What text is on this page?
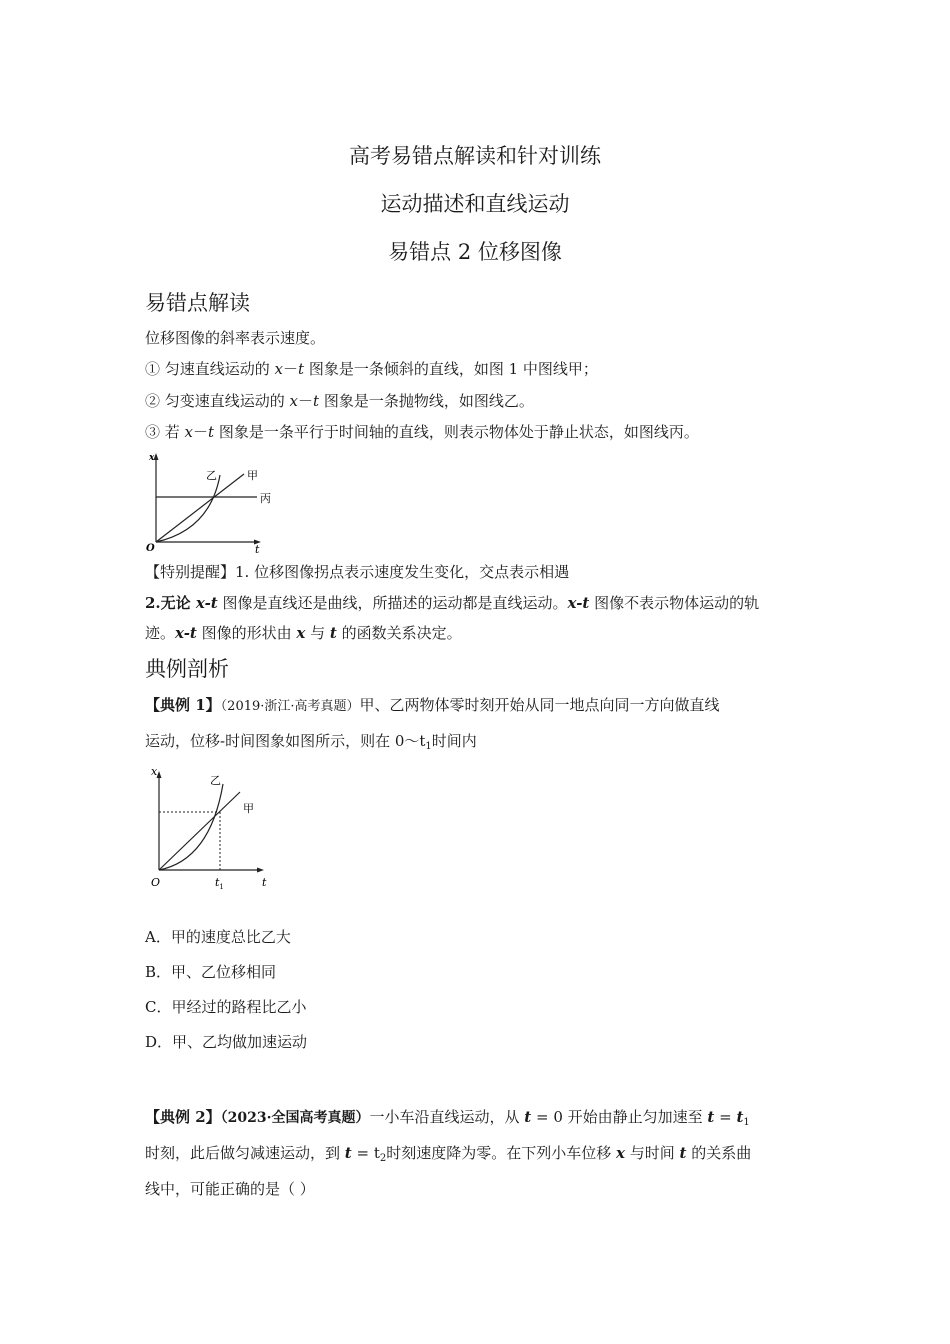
高考易错点解读和针对训练
运动描述和直线运动
易错点 2 位移图像
易错点解读
位移图像的斜率表示速度。
① 匀速直线运动的 x－t 图象是一条倾斜的直线，如图 1 中图线甲；
② 匀变速直线运动的 x－t 图象是一条抛物线，如图线乙。
③ 若 x－t 图象是一条平行于时间轴的直线，则表示物体处于静止状态，如图线丙。
x
O	t
甲
乙
丙
【特别提醒】1. 位移图像拐点表示速度发生变化，交点表示相遇
2.无论 x-t 图像是直线还是曲线，所描述的运动都是直线运动。x-t 图像不表示物体运动的轨
迹。x-t 图像的形状由 x 与 t 的函数关系决定。
典例剖析
【典例 1】（2019·浙江·高考真题）甲、乙两物体零时刻开始从同一地点向同一方向做直线
运动，位移-时间图象如图所示，则在 $0\sim t_1$时间内
x
O	t
$t_1$
甲
乙
A．甲的速度总比乙大
B．甲、乙位移相同
C．甲经过的路程比乙小
D．甲、乙均做加速运动
【典例 2】（2023·全国高考真题）一小车沿直线运动，从 t = 0 开始由静止匀加速至 $t = t_1$
时刻，此后做匀减速运动，到 $t = t_2$时刻速度降为零。在下列小车位移 x 与时间 t 的关系曲
线中，可能正确的是（ ）
